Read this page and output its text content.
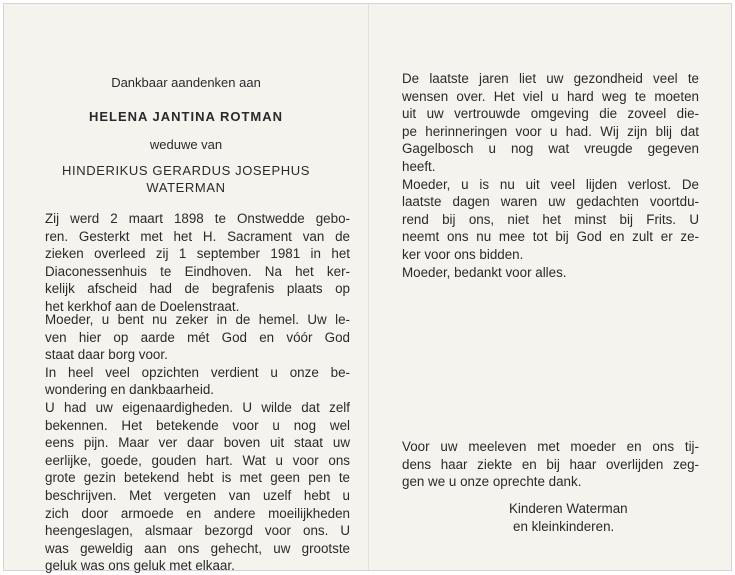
Dankbaar aandenken aan
HELENA JANTINA ROTMAN
weduwe van
HINDERIKUS GERARDUS JOSEPHUS
WATERMAN

Zij werd 2 maart 1898 te Onstwedde gebo-
ren. Gesterkt met het H. Sacrament van de
zieken overleed zij 1 september 1981 in het
Diaconessenhuis te Eindhoven. Na het ker-
kelijk afscheid had de begrafenis plaats op
het kerkhof aan de Doelenstraat.

Moeder, u bent nu zeker in de hemel. Uw le-
ven hier op aarde mét God en vóór God
staat daar borg voor.
In heel veel opzichten verdient u onze be-
wondering en dankbaarheid.
U had uw eigenaardigheden. U wilde dat zelf
bekennen. Het betekende voor u nog wel
eens pijn. Maar ver daar boven uit staat uw
eerlijke, goede, gouden hart. Wat u voor ons
grote gezin betekend hebt is met geen pen te
beschrijven. Met vergeten van uzelf hebt u
zich door armoede en andere moeilijkheden
heengeslagen, alsmaar bezorgd voor ons. U
was geweldig aan ons gehecht, uw grootste
geluk was ons geluk met elkaar.

De laatste jaren liet uw gezondheid veel te
wensen over. Het viel u hard weg te moeten
uit uw vertrouwde omgeving die zoveel die-
pe herinneringen voor u had. Wij zijn blij dat
Gagelbosch u nog wat vreugde gegeven
heeft.
Moeder, u is nu uit veel lijden verlost. De
laatste dagen waren uw gedachten voortdu-
rend bij ons, niet het minst bij Frits. U
neemt ons nu mee tot bij God en zult er ze-
ker voor ons bidden.
Moeder, bedankt voor alles.

Voor uw meeleven met moeder en ons tij-
dens haar ziekte en bij haar overlijden zeg-
gen we u onze oprechte dank.

Kinderen Waterman
en kleinkinderen.
